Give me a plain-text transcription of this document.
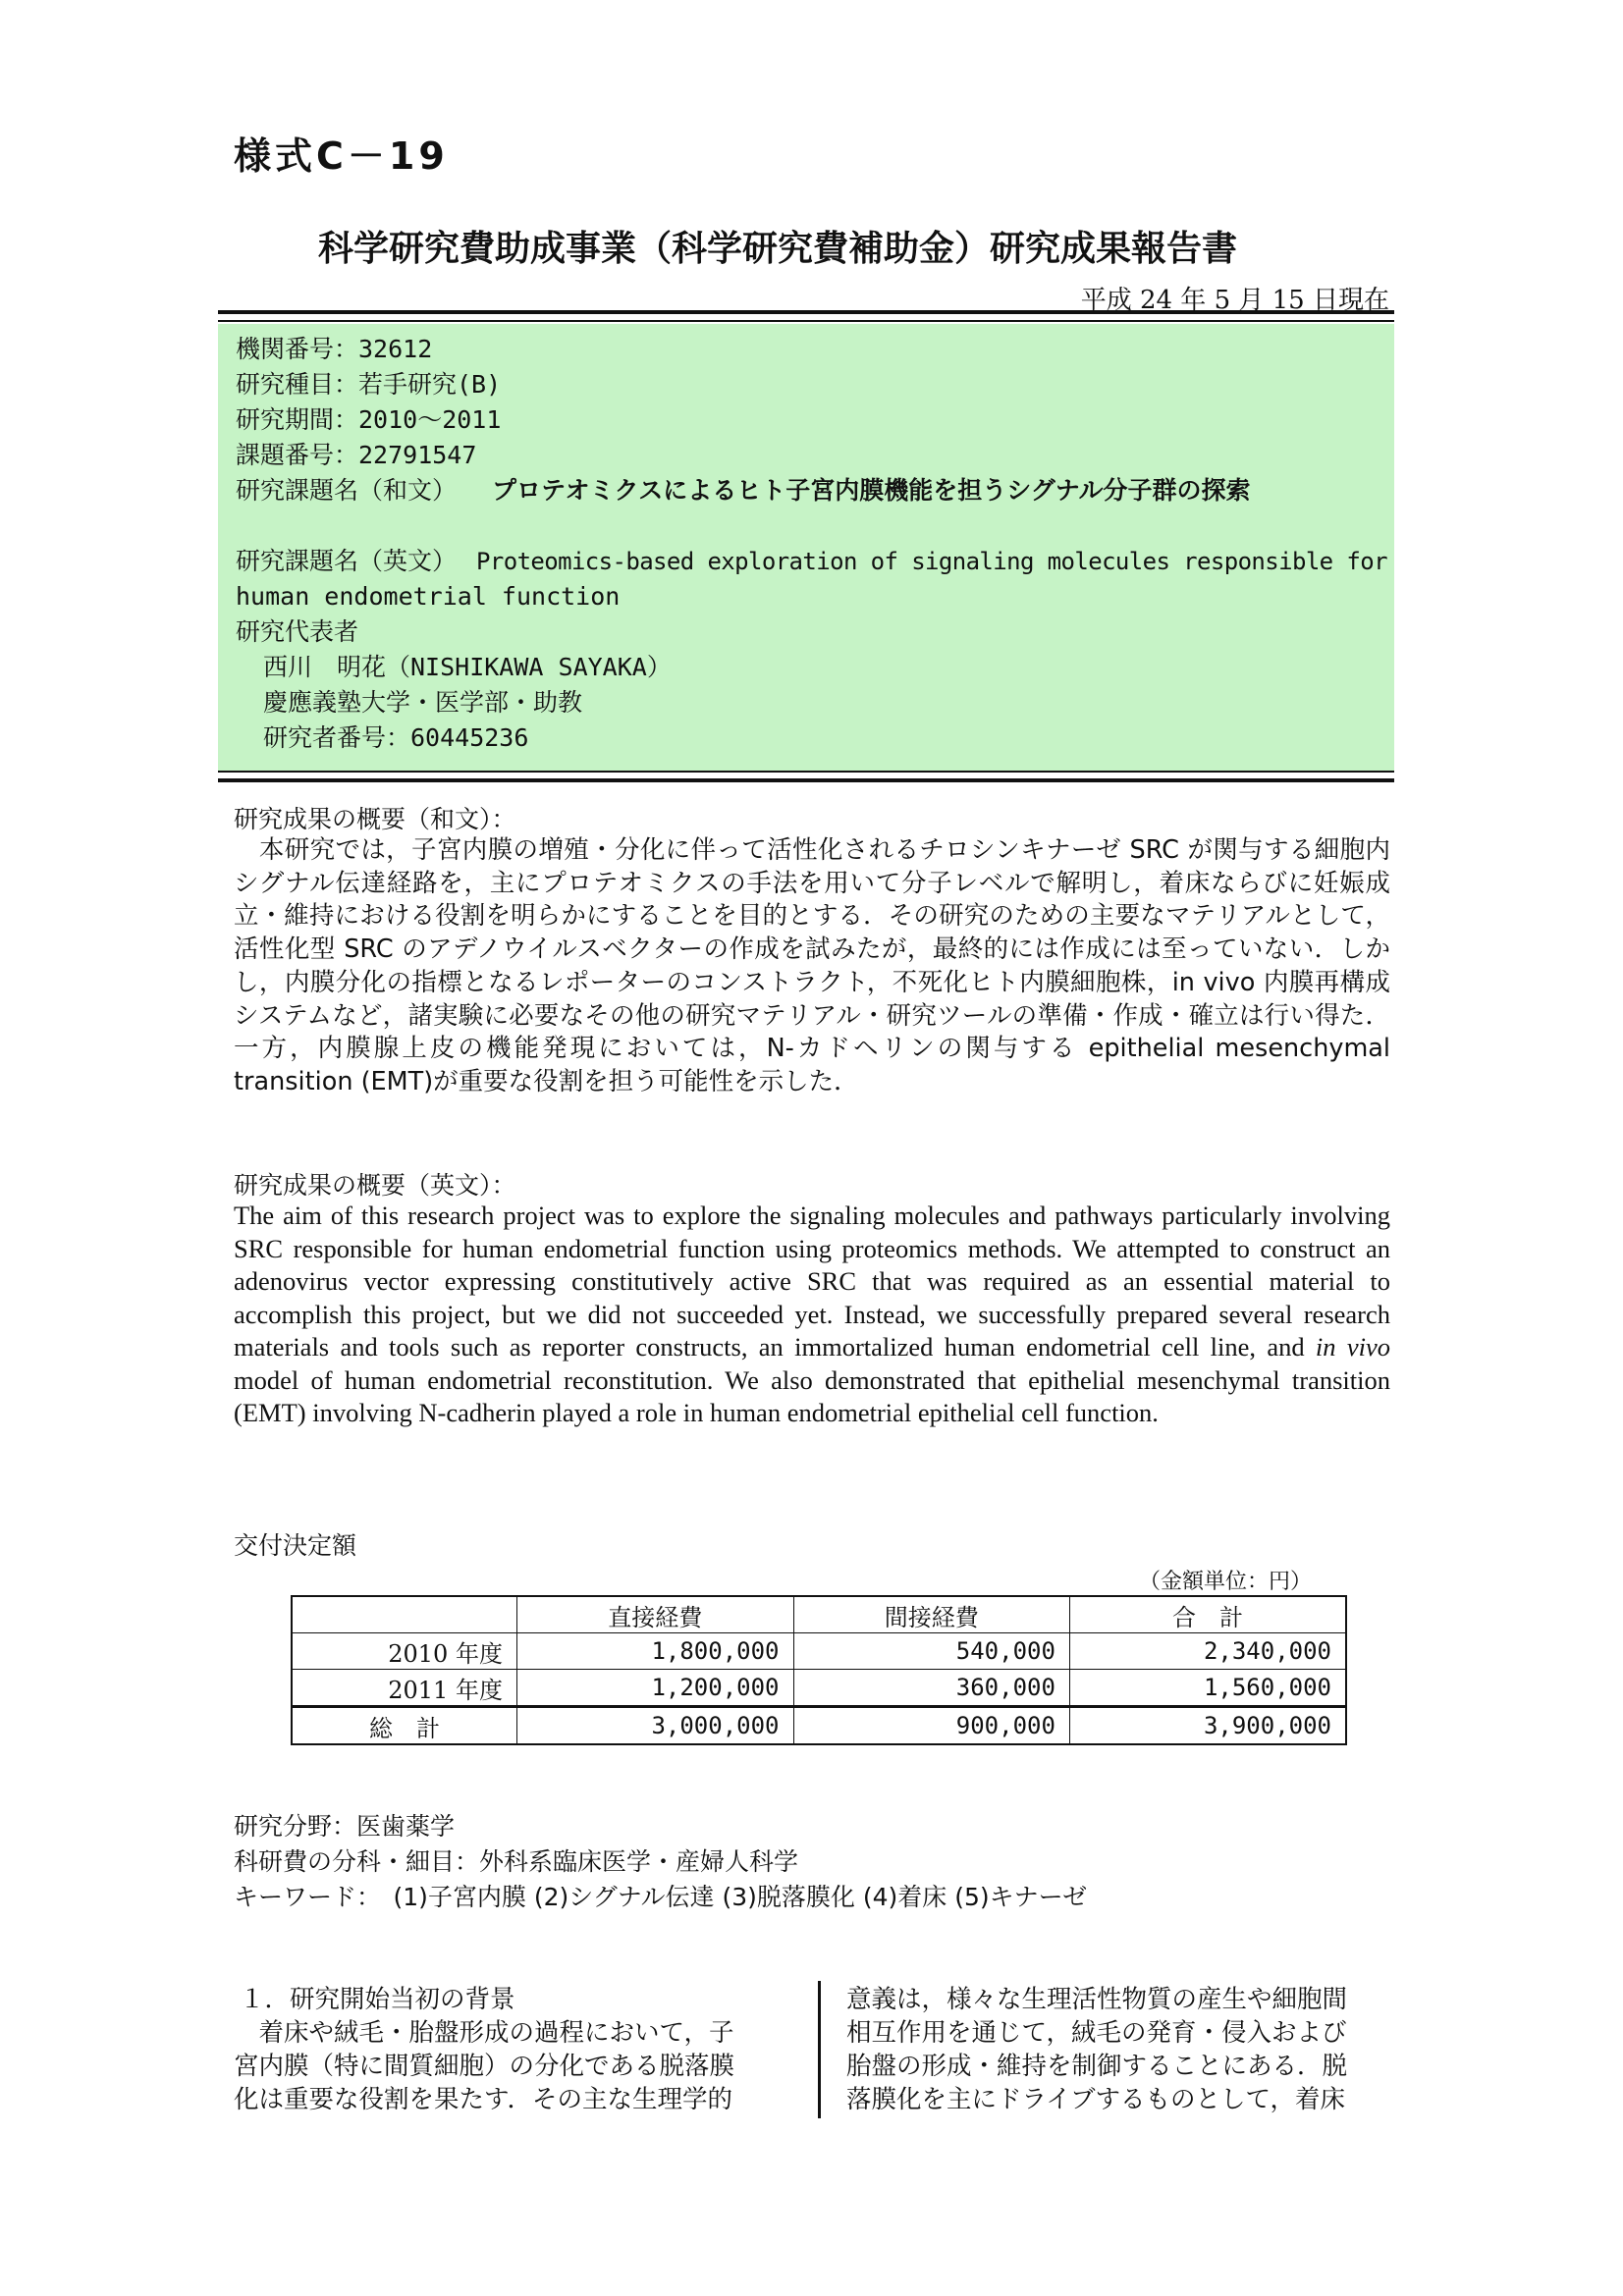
様式C－19
科学研究費助成事業（科学研究費補助金）研究成果報告書
平成 24 年 5 月 15 日現在
機関番号：32612
研究種目：若手研究(B)
研究期間：2010～2011
課題番号：22791547
研究課題名（和文） プロテオミクスによるヒト子宮内膜機能を担うシグナル分子群の探索
研究課題名（英文） Proteomics-based exploration of signaling molecules responsible for
human endometrial function
研究代表者
西川　明花（NISHIKAWA SAYAKA）
慶應義塾大学・医学部・助教
研究者番号：60445236
研究成果の概要（和文）：
　本研究では，子宮内膜の増殖・分化に伴って活性化されるチロシンキナーゼ SRC が関与する細胞内シグナル伝達経路を，主にプロテオミクスの手法を用いて分子レベルで解明し，着床ならびに妊娠成立・維持における役割を明らかにすることを目的とする．その研究のための主要なマテリアルとして，活性化型 SRC のアデノウイルスベクターの作成を試みたが，最終的には作成には至っていない．しかし，内膜分化の指標となるレポーターのコンストラクト，不死化ヒト内膜細胞株，in vivo 内膜再構成システムなど，諸実験に必要なその他の研究マテリアル・研究ツールの準備・作成・確立は行い得た．一方，内膜腺上皮の機能発現においては，N-カドヘリンの関与する epithelial mesenchymal transition (EMT)が重要な役割を担う可能性を示した．
研究成果の概要（英文）：
The aim of this research project was to explore the signaling molecules and pathways particularly involving SRC responsible for human endometrial function using proteomics methods. We attempted to construct an adenovirus vector expressing constitutively active SRC that was required as an essential material to accomplish this project, but we did not succeeded yet. Instead, we successfully prepared several research materials and tools such as reporter constructs, an immortalized human endometrial cell line, and in vivo model of human endometrial reconstitution. We also demonstrated that epithelial mesenchymal transition (EMT) involving N-cadherin played a role in human endometrial epithelial cell function.
交付決定額
（金額単位：円）
	直接経費	間接経費	合　計
2010 年度	1,800,000	540,000	2,340,000
2011 年度	1,200,000	360,000	1,560,000
総　計	3,000,000	900,000	3,900,000
研究分野：医歯薬学
科研費の分科・細目：外科系臨床医学・産婦人科学
キーワード：　(1)子宮内膜 (2)シグナル伝達 (3)脱落膜化 (4)着床 (5)キナーゼ
１．研究開始当初の背景
　着床や絨毛・胎盤形成の過程において，子
宮内膜（特に間質細胞）の分化である脱落膜
化は重要な役割を果たす．その主な生理学的
意義は，様々な生理活性物質の産生や細胞間
相互作用を通じて，絨毛の発育・侵入および
胎盤の形成・維持を制御することにある．脱
落膜化を主にドライブするものとして，着床
